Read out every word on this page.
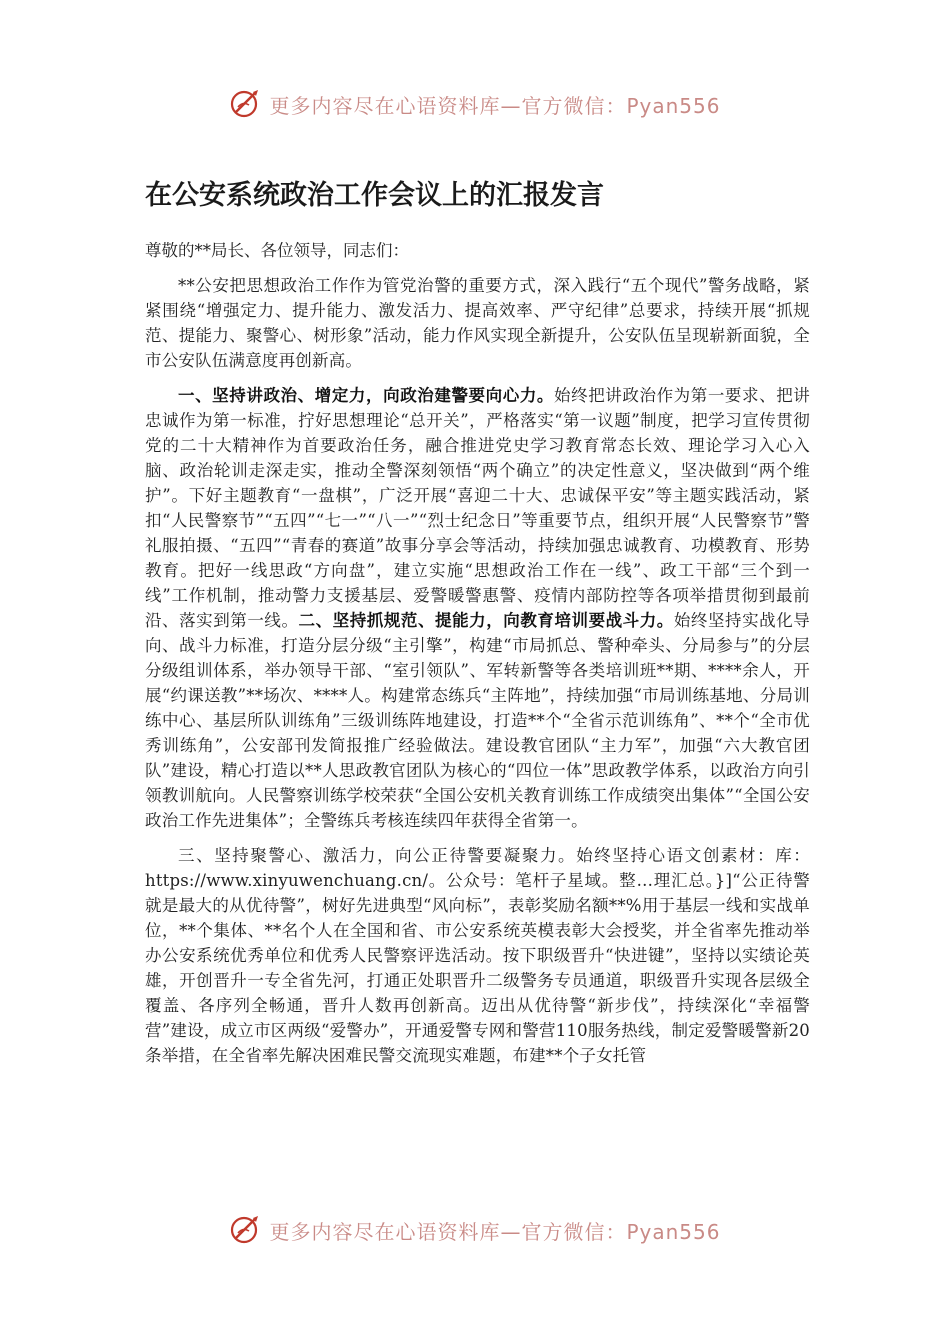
更多内容尽在心语资料库—官方微信：Pyan556
在公安系统政治工作会议上的汇报发言
尊敬的**局长、各位领导，同志们：

**公安把思想政治工作作为管党治警的重要方式，深入践行“五个现代”警务战略，紧紧围绕“增强定力、提升能力、激发活力、提高效率、严守纪律”总要求，持续开展“抓规范、提能力、聚警心、树形象”活动，能力作风实现全新提升，公安队伍呈现崭新面貌，全市公安队伍满意度再创新高。

一、坚持讲政治、增定力，向政治建警要向心力。始终把讲政治作为第一要求、把讲忠诚作为第一标准，拧好思想理论“总开关”，严格落实“第一议题”制度，把学习宣传贯彻党的二十大精神作为首要政治任务，融合推进党史学习教育常态长效、理论学习入心入脑、政治轮训走深走实，推动全警深刻领悟“两个确立”的决定性意义，坚决做到“两个维护”。下好主题教育“一盘棋”，广泛开展“喜迎二十大、忠诚保平安”等主题实践活动，紧扣“人民警察节”“五四”“七一”“八一”“烈士纪念日”等重要节点，组织开展“人民警察节”警礼服拍摄、“五四”“青春的赛道”故事分享会等活动，持续加强忠诚教育、功模教育、形势教育。把好一线思政“方向盘”，建立实施“思想政治工作在一线”、政工干部“三个到一线”工作机制，推动警力支援基层、爱警暖警惠警、疫情内部防控等各项举措贯彻到最前沿、落实到第一线。二、坚持抓规范、提能力，向教育培训要战斗力。始终坚持实战化导向、战斗力标准，打造分层分级“主引擎”，构建“市局抓总、警种牵头、分局参与”的分层分级组训体系，举办领导干部、“室引领队”、军转新警等各类培训班**期、****余人，开展“约课送教”**场次、****人。构建常态练兵“主阵地”，持续加强“市局训练基地、分局训练中心、基层所队训练角”三级训练阵地建设，打造**个“全省示范训练角”、**个“全市优秀训练角”，公安部刊发简报推广经验做法。建设教官团队“主力军”，加强“六大教官团队”建设，精心打造以**人思政教官团队为核心的“四位一体”思政教学体系，以政治方向引领教训航向。人民警察训练学校荣获“全国公安机关教育训练工作成绩突出集体”“全国公安政治工作先进集体”；全警练兵考核连续四年获得全省第一。

三、坚持聚警心、激活力，向公正待警要凝聚力。始终坚持心语文创素材：库：https://www.xinyuwenchuang.cn/。公众号：笔杆子星域。整…理汇总。}]“公正待警就是最大的从优待警”，树好先进典型“风向标”，表彰奖励名额**%用于基层一线和实战单位，**个集体、**名个人在全国和省、市公安系统英模表彰大会授奖，并全省率先推动举办公安系统优秀单位和优秀人民警察评选活动。按下职级晋升“快进键”，坚持以实绩论英雄，开创晋升一专全省先河，打通正处职晋升二级警务专员通道，职级晋升实现各层级全覆盖、各序列全畅通，晋升人数再创新高。迈出从优待警“新步伐”，持续深化“幸福警营”建设，成立市区两级“爱警办”，开通爱警专网和警营110服务热线，制定爱警暖警新20条举措，在全省率先解决困难民警交流现实难题，布建**个子女托管

更多内容尽在心语资料库—官方微信：Pyan556
